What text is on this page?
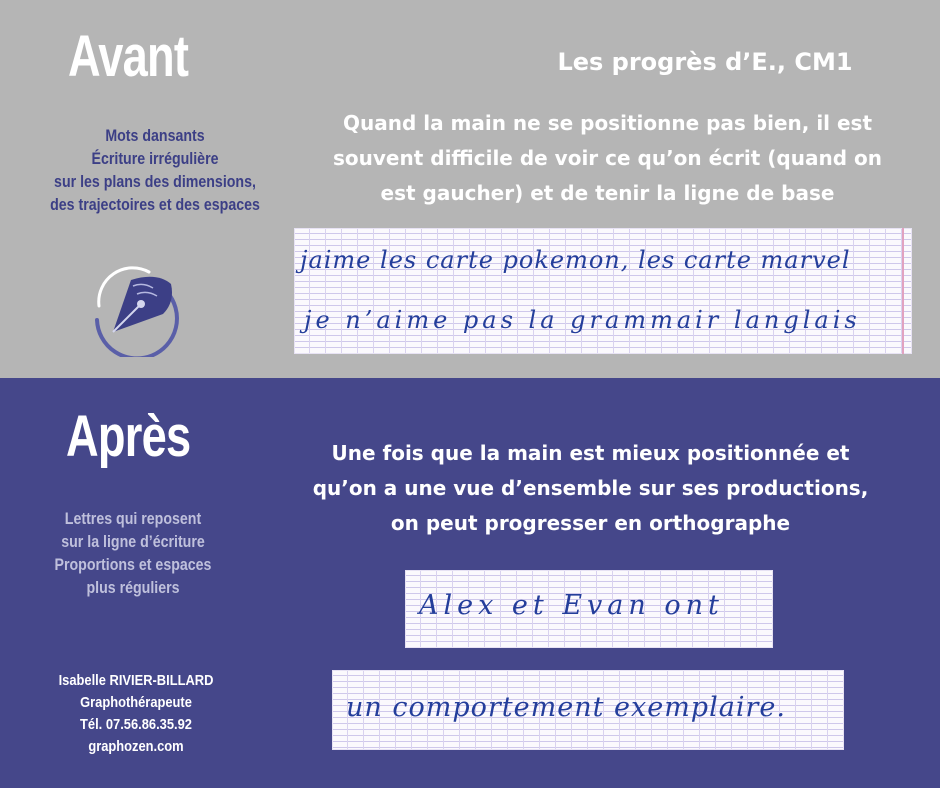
Avant	Les progrès d’E., CM1
Mots dansants
Écriture irrégulière
sur les plans des dimensions,
des trajectoires et des espaces
Quand la main ne se positionne pas bien, il est
souvent difficile de voir ce qu’on écrit (quand on
est gaucher) et de tenir la ligne de base
jaime les carte pokemon, les carte marvel
je n’aime pas la grammair langlais
Après
Lettres qui reposent
sur la ligne d’écriture
Proportions et espaces
plus réguliers
Isabelle RIVIER-BILLARD
Graphothérapeute
Tél. 07.56.86.35.92
graphozen.com
Une fois que la main est mieux positionnée et
qu’on a une vue d’ensemble sur ses productions,
on peut progresser en orthographe
Alex et Evan ont
un comportement exemplaire.
